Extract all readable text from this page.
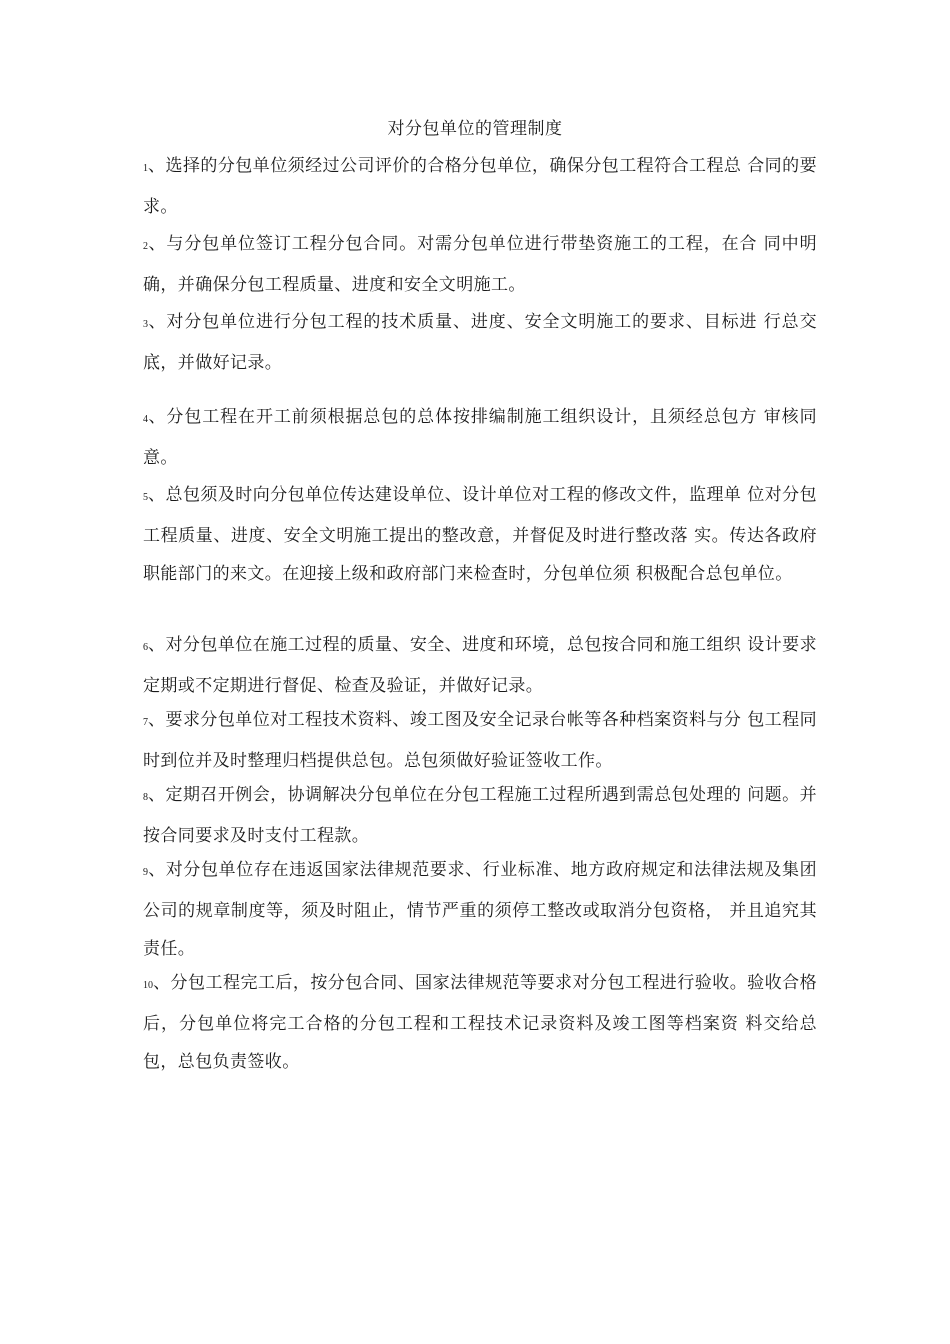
对分包单位的管理制度
1、选择的分包单位须经过公司评价的合格分包单位，确保分包工程符合工程总 合同的要求。
2、与分包单位签订工程分包合同。对需分包单位进行带垫资施工的工程，在合 同中明确，并确保分包工程质量、进度和安全文明施工。
3、对分包单位进行分包工程的技术质量、进度、安全文明施工的要求、目标进 行总交底，并做好记录。
4、分包工程在开工前须根据总包的总体按排编制施工组织设计，且须经总包方 审核同意。
5、总包须及时向分包单位传达建设单位、设计单位对工程的修改文件，监理单 位对分包工程质量、进度、安全文明施工提出的整改意，并督促及时进行整改落 实。传达各政府职能部门的来文。在迎接上级和政府部门来检查时，分包单位须 积极配合总包单位。
6、对分包单位在施工过程的质量、安全、进度和环境，总包按合同和施工组织 设计要求定期或不定期进行督促、检查及验证，并做好记录。
7、要求分包单位对工程技术资料、竣工图及安全记录台帐等各种档案资料与分 包工程同时到位并及时整理归档提供总包。总包须做好验证签收工作。
8、定期召开例会，协调解决分包单位在分包工程施工过程所遇到需总包处理的 问题。并按合同要求及时支付工程款。
9、对分包单位存在违返国家法律规范要求、行业标准、地方政府规定和法律法规及集团公司的规章制度等，须及时阻止，情节严重的须停工整改或取消分包资格， 并且追究其责任。
10、分包工程完工后，按分包合同、国家法律规范等要求对分包工程进行验收。验收合格后，分包单位将完工合格的分包工程和工程技术记录资料及竣工图等档案资 料交给总包，总包负责签收。
